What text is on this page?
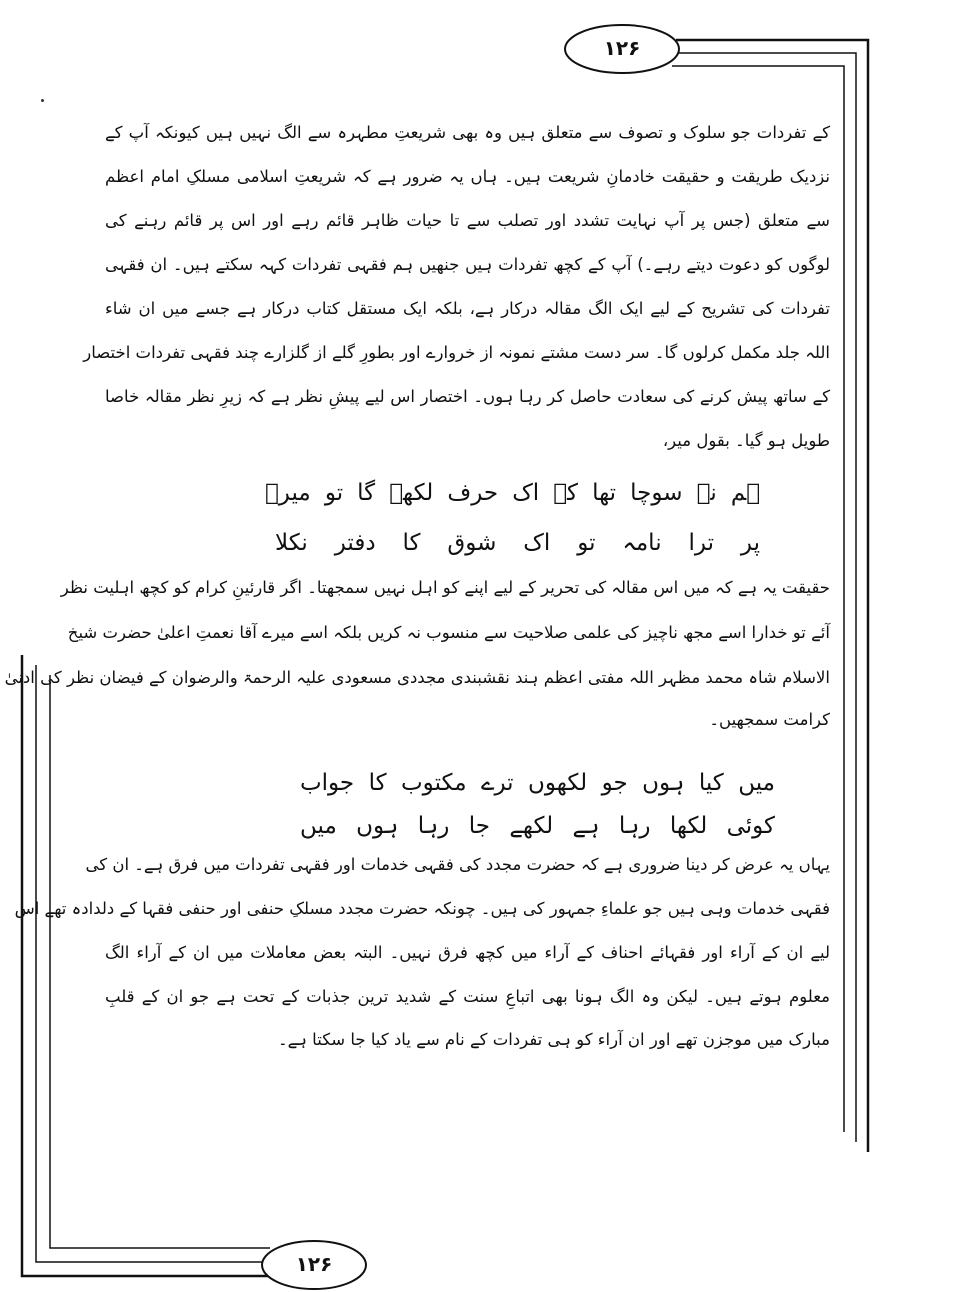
۱۲۶
۱۲۶
کے تفردات جو سلوک و تصوف سے متعلق ہیں وہ بھی شریعتِ مطہرہ سے الگ نہیں ہیں کیونکہ آپ کے
نزدیک طریقت و حقیقت خادمانِ شریعت ہیں۔ ہاں یہ ضرور ہے کہ شریعتِ اسلامی مسلکِ امام اعظم
سے متعلق (جس پر آپ نہایت تشدد اور تصلب سے تا حیات ظاہر قائم رہے اور اس پر قائم رہنے کی
لوگوں کو دعوت دیتے رہے۔) آپ کے کچھ تفردات ہیں جنھیں ہم فقہی تفردات کہہ سکتے ہیں۔ ان فقہی
تفردات کی تشریح کے لیے ایک الگ مقالہ درکار ہے، بلکہ ایک مستقل کتاب درکار ہے جسے میں ان شاء
اللہ جلد مکمل کرلوں گا۔ سر دست مشتے نمونہ از خروارے اور بطورِ گلے از گلزارے چند فقہی تفردات اختصار
کے ساتھ پیش کرنے کی سعادت حاصل کر رہا ہوں۔ اختصار اس لیے پیشِ نظر ہے کہ زیرِ نظر مقالہ خاصا
طویل ہو گیا۔ بقول میر،
ہم نے سوچا تھا کہ اک حرف لکھے گا تو میرؔ
پر ترا نامہ تو اک شوق کا دفتر نکلا
حقیقت یہ ہے کہ میں اس مقالہ کی تحریر کے لیے اپنے کو اہل نہیں سمجھتا۔ اگر قارئینِ کرام کو کچھ اہلیت نظر
آئے تو خدارا اسے مجھ ناچیز کی علمی صلاحیت سے منسوب نہ کریں بلکہ اسے میرے آقا نعمتِ اعلیٰ حضرت شیخ
الاسلام شاہ محمد مظہر اللہ مفتی اعظم ہند نقشبندی مجددی مسعودی علیہ الرحمۃ والرضوان کے فیضان نظر کی ادنیٰ
کرامت سمجھیں۔
میں کیا ہوں جو لکھوں ترے مکتوب کا جواب
کوئی لکھا رہا ہے لکھے جا رہا ہوں میں
یہاں یہ عرض کر دینا ضروری ہے کہ حضرت مجدد کی فقہی خدمات اور فقہی تفردات میں فرق ہے۔ ان کی
فقہی خدمات وہی ہیں جو علماءِ جمہور کی ہیں۔ چونکہ حضرت مجدد مسلکِ حنفی اور حنفی فقہا کے دلدادہ تھے اس
لیے ان کے آراء اور فقہائے احناف کے آراء میں کچھ فرق نہیں۔ البتہ بعض معاملات میں ان کے آراء الگ
معلوم ہوتے ہیں۔ لیکن وہ الگ ہونا بھی اتباعِ سنت کے شدید ترین جذبات کے تحت ہے جو ان کے قلبِ
مبارک میں موجزن تھے اور ان آراء کو ہی تفردات کے نام سے یاد کیا جا سکتا ہے۔
